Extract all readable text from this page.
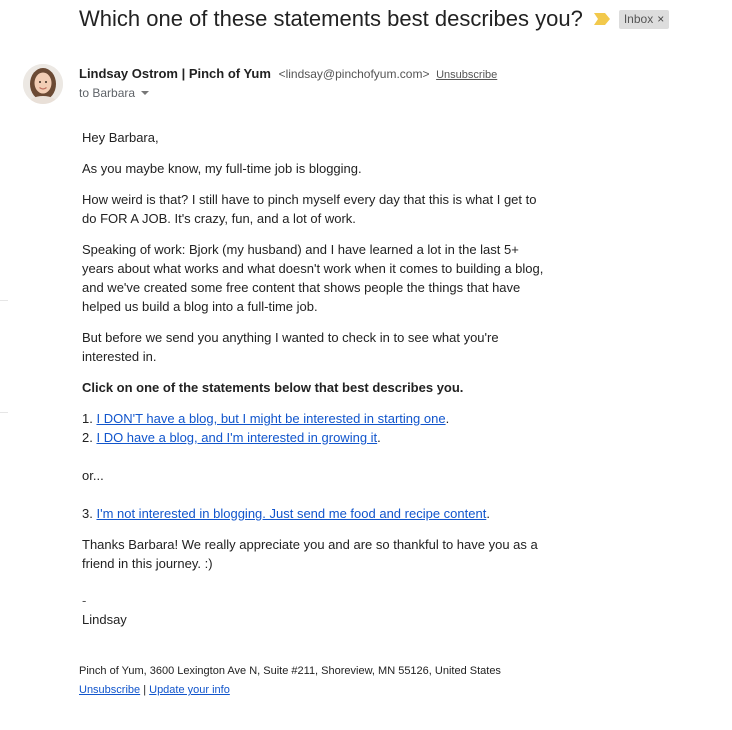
Which one of these statements best describes you?	Inbox ×
Lindsay Ostrom | Pinch of Yum <lindsay@pinchofyum.com> Unsubscribe
to Barbara

Hey Barbara,

As you maybe know, my full-time job is blogging.

How weird is that? I still have to pinch myself every day that this is what I get to
do FOR A JOB. It's crazy, fun, and a lot of work.

Speaking of work: Bjork (my husband) and I have learned a lot in the last 5+
years about what works and what doesn't work when it comes to building a blog,
and we've created some free content that shows people the things that have
helped us build a blog into a full-time job.

But before we send you anything I wanted to check in to see what you're
interested in.

Click on one of the statements below that best describes you.

1. I DON'T have a blog, but I might be interested in starting one.
2. I DO have a blog, and I'm interested in growing it.

or...

3. I'm not interested in blogging. Just send me food and recipe content.

Thanks Barbara! We really appreciate you and are so thankful to have you as a
friend in this journey. :)

-
Lindsay

Pinch of Yum, 3600 Lexington Ave N, Suite #211, Shoreview, MN 55126, United States
Unsubscribe | Update your info
